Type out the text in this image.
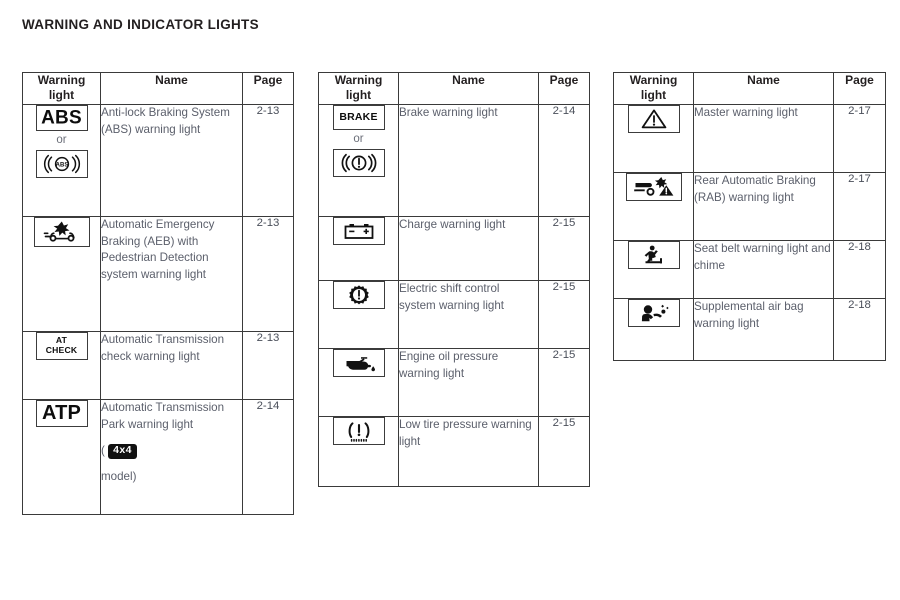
WARNING AND INDICATOR LIGHTS
Warning
light	Name	Page

ABS
or
ABS	Anti-lock Braking System (ABS) warning light	2-13

	Automatic Emergency Braking (AEB) with Pedestrian Detection system warning light	2-13

AT
CHECK	Automatic Transmission check warning light	2-13

ATP	Automatic Transmission Park warning light
( 4x4
model)	2-14
Warning
light	Name	Page

BRAKE
or	Brake warning light	2-14

	Charge warning light	2-15

	Electric shift control system warning light	2-15

	Engine oil pressure warning light	2-15

	Low tire pressure warning light	2-15
Warning
light	Name	Page

	Master warning light	2-17

	Rear Automatic Braking (RAB) warning light	2-17

	Seat belt warning light and chime	2-18

	Supplemental air bag warning light	2-18
